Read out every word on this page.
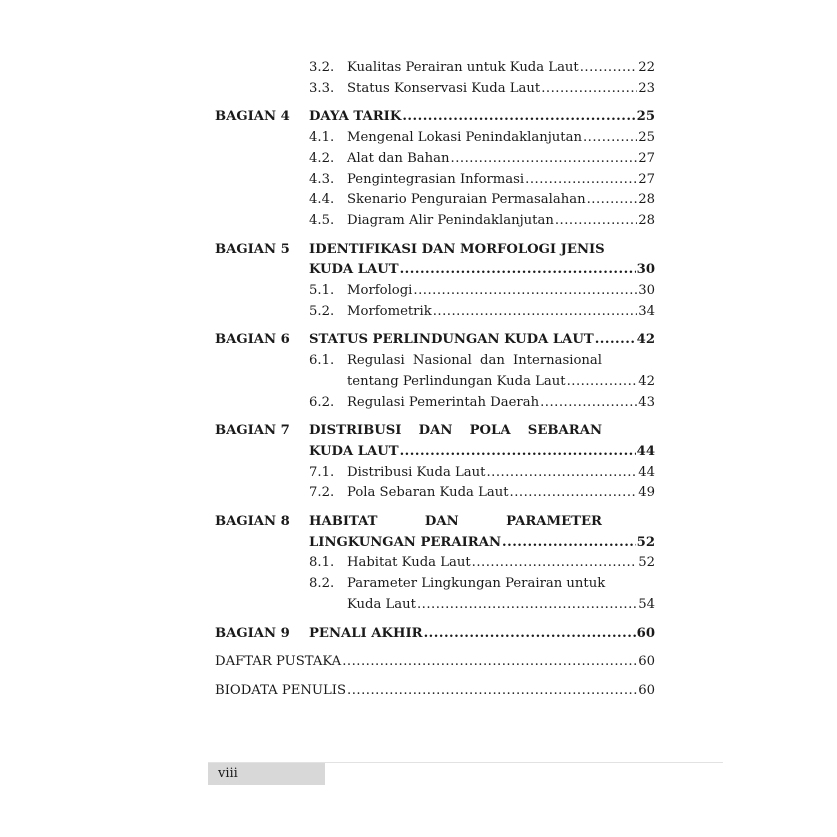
3.2. Kualitas Perairan untuk Kuda Laut .....	22
3.3. Status Konservasi Kuda Laut .....	23
BAGIAN 4 DAYA TARIK .....	25
4.1. Mengenal Lokasi Penindaklanjutan .....	25
4.2. Alat dan Bahan .....	27
4.3. Pengintegrasian Informasi .....	27
4.4. Skenario Penguraian Permasalahan .....	28
4.5. Diagram Alir Penindaklanjutan .....	28
BAGIAN 5 IDENTIFIKASI DAN MORFOLOGI JENIS
KUDA LAUT .....	30
5.1. Morfologi .....	30
5.2. Morfometrik .....	34
BAGIAN 6 STATUS PERLINDUNGAN KUDA LAUT .....	42
6.1. Regulasi Nasional dan Internasional
tentang Perlindungan Kuda Laut .....	42
6.2. Regulasi Pemerintah Daerah .....	43
BAGIAN 7 DISTRIBUSI DAN POLA SEBARAN
KUDA LAUT .....	44
7.1. Distribusi Kuda Laut .....	44
7.2. Pola Sebaran Kuda Laut .....	49
BAGIAN 8 HABITAT DAN PARAMETER
LINGKUNGAN PERAIRAN .....	52
8.1. Habitat Kuda Laut .....	52
8.2. Parameter Lingkungan Perairan untuk
Kuda Laut .....	54
BAGIAN 9 PENALI AKHIR .....	60
DAFTAR PUSTAKA .....	60
BIODATA PENULIS .....	60
viii
